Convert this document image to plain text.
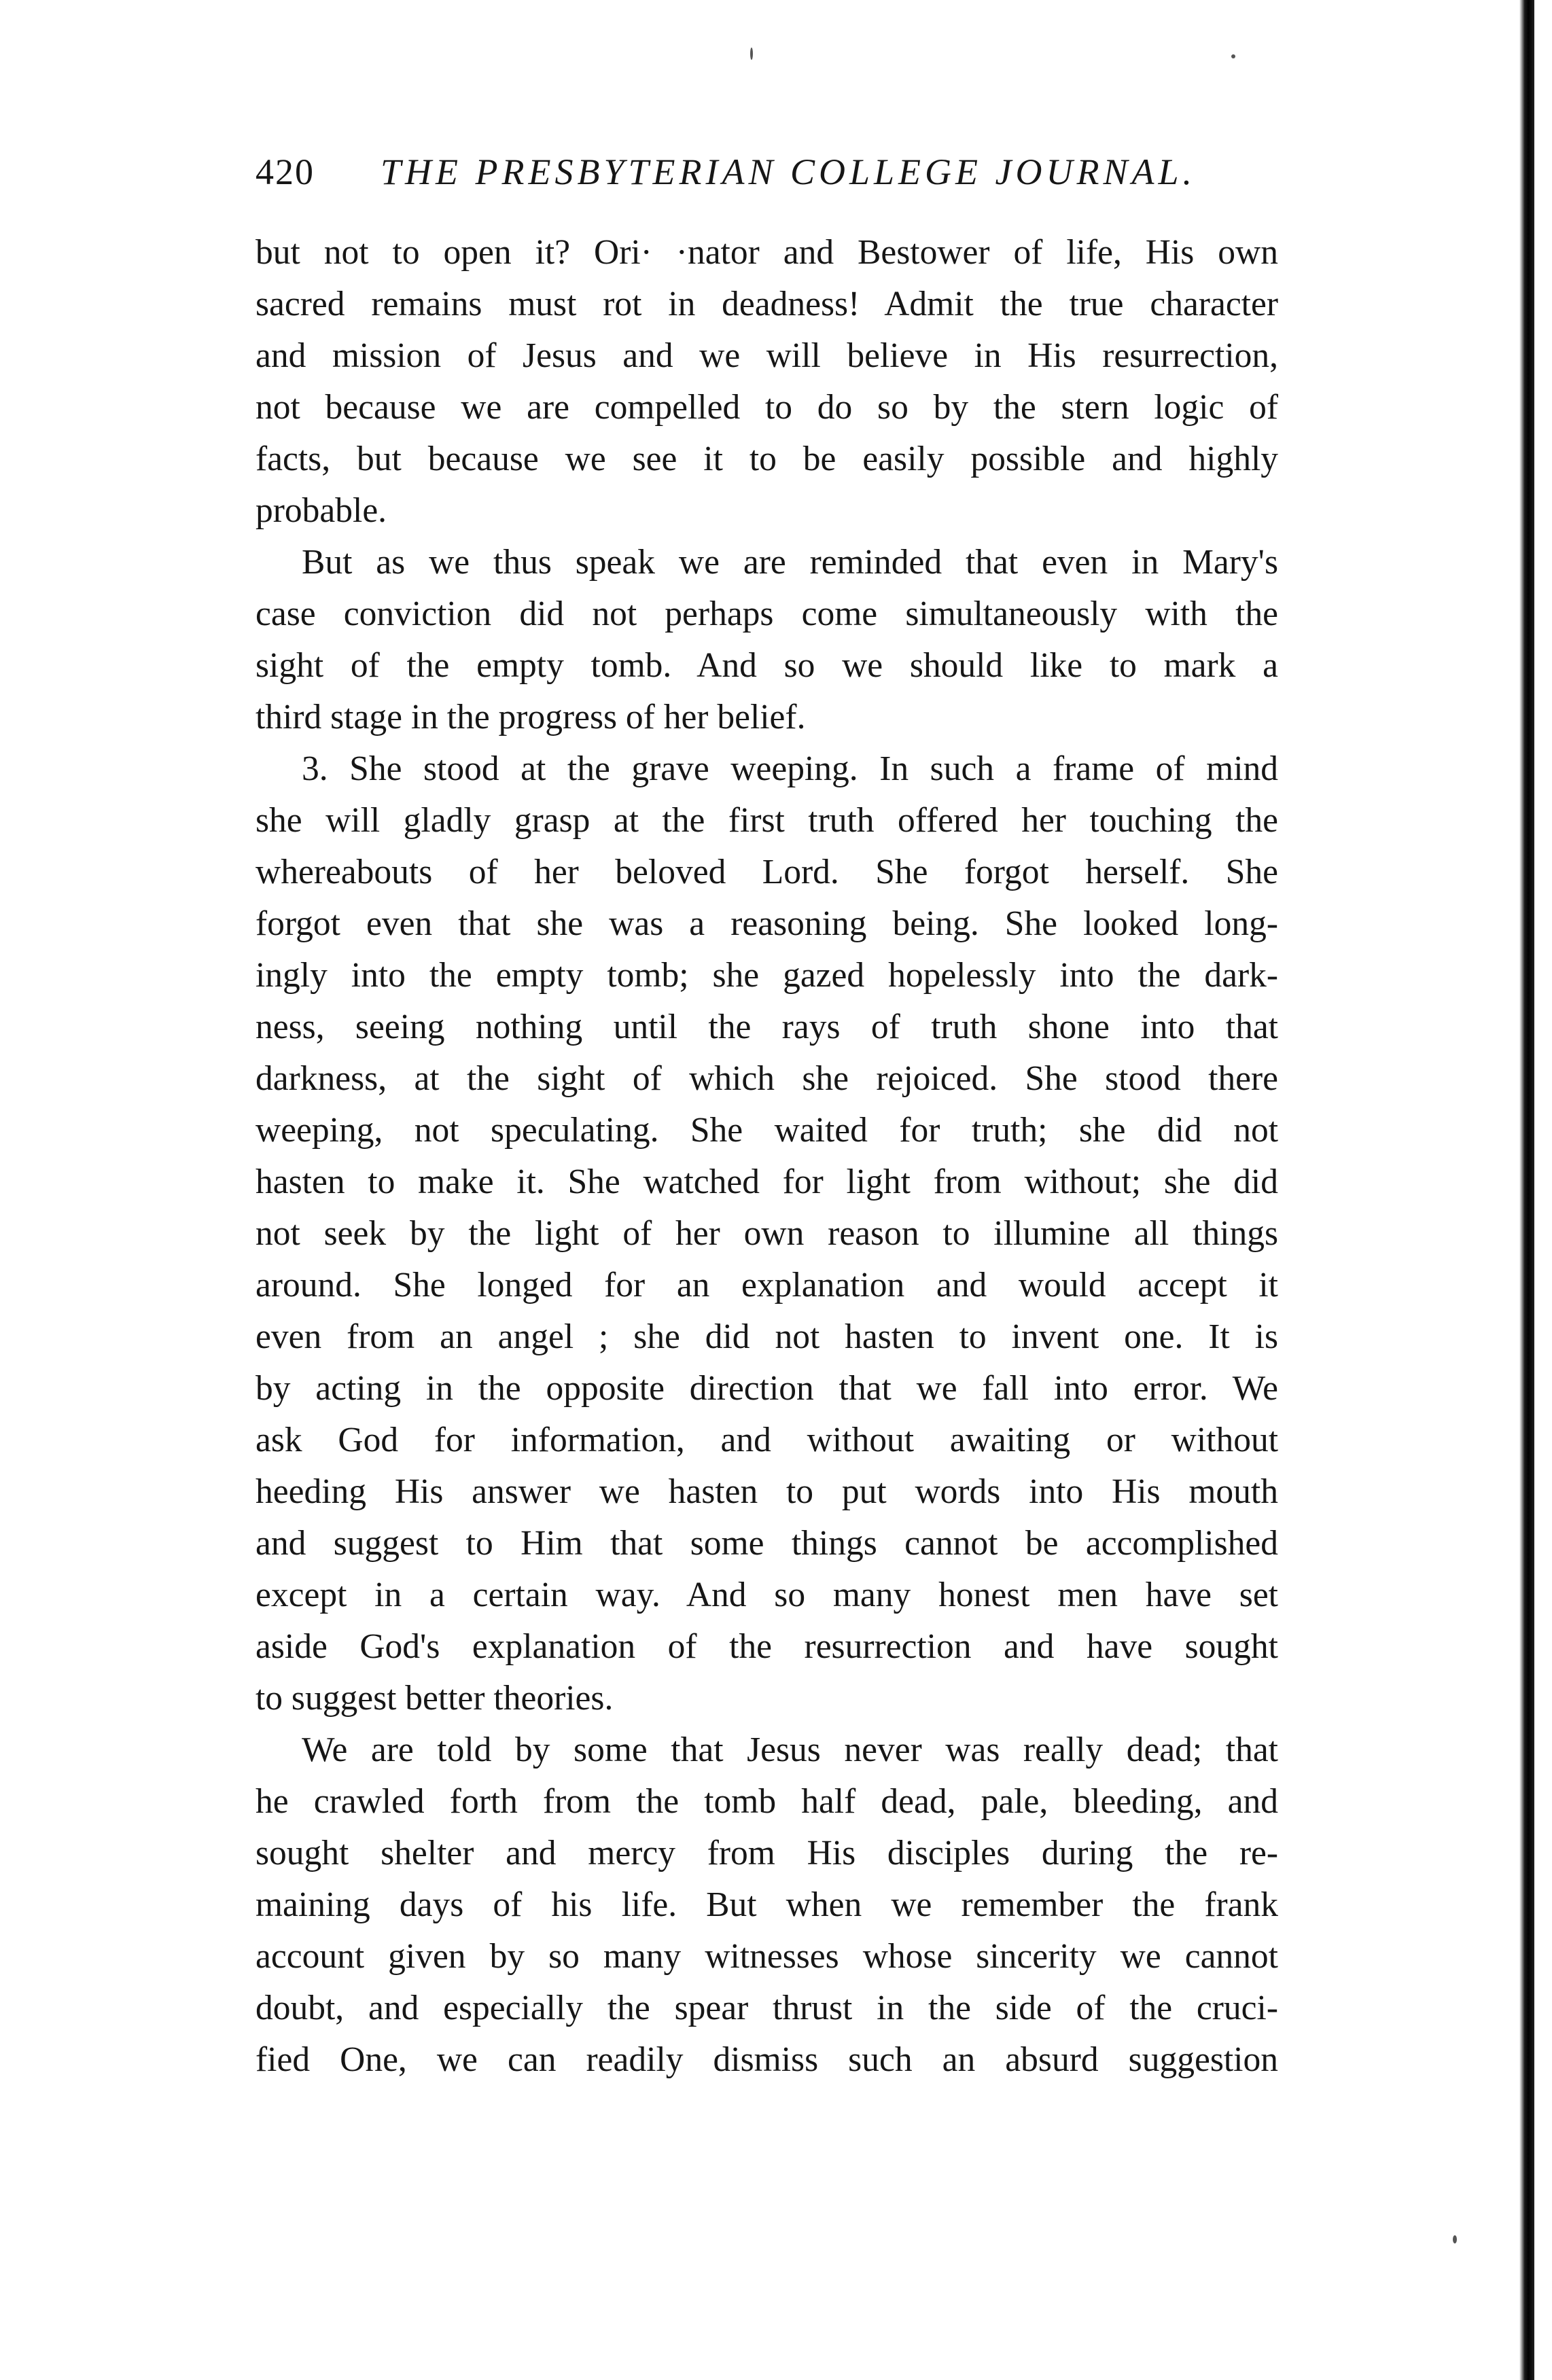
420 THE PRESBYTERIAN COLLEGE JOURNAL.
but not to open it? Ori· ·nator and Bestower of life, His own
sacred remains must rot in deadness! Admit the true character
and mission of Jesus and we will believe in His resurrection,
not because we are compelled to do so by the stern logic of
facts, but because we see it to be easily possible and highly
probable.
But as we thus speak we are reminded that even in Mary's
case conviction did not perhaps come simultaneously with the
sight of the empty tomb. And so we should like to mark a
third stage in the progress of her belief.
3. She stood at the grave weeping. In such a frame of mind
she will gladly grasp at the first truth offered her touching the
whereabouts of her beloved Lord. She forgot herself. She
forgot even that she was a reasoning being. She looked long-
ingly into the empty tomb; she gazed hopelessly into the dark-
ness, seeing nothing until the rays of truth shone into that
darkness, at the sight of which she rejoiced. She stood there
weeping, not speculating. She waited for truth; she did not
hasten to make it. She watched for light from without; she did
not seek by the light of her own reason to illumine all things
around. She longed for an explanation and would accept it
even from an angel ; she did not hasten to invent one. It is
by acting in the opposite direction that we fall into error. We
ask God for information, and without awaiting or without
heeding His answer we hasten to put words into His mouth
and suggest to Him that some things cannot be accomplished
except in a certain way. And so many honest men have set
aside God's explanation of the resurrection and have sought
to suggest better theories.
We are told by some that Jesus never was really dead; that
he crawled forth from the tomb half dead, pale, bleeding, and
sought shelter and mercy from His disciples during the re-
maining days of his life. But when we remember the frank
account given by so many witnesses whose sincerity we cannot
doubt, and especially the spear thrust in the side of the cruci-
fied One, we can readily dismiss such an absurd suggestion
